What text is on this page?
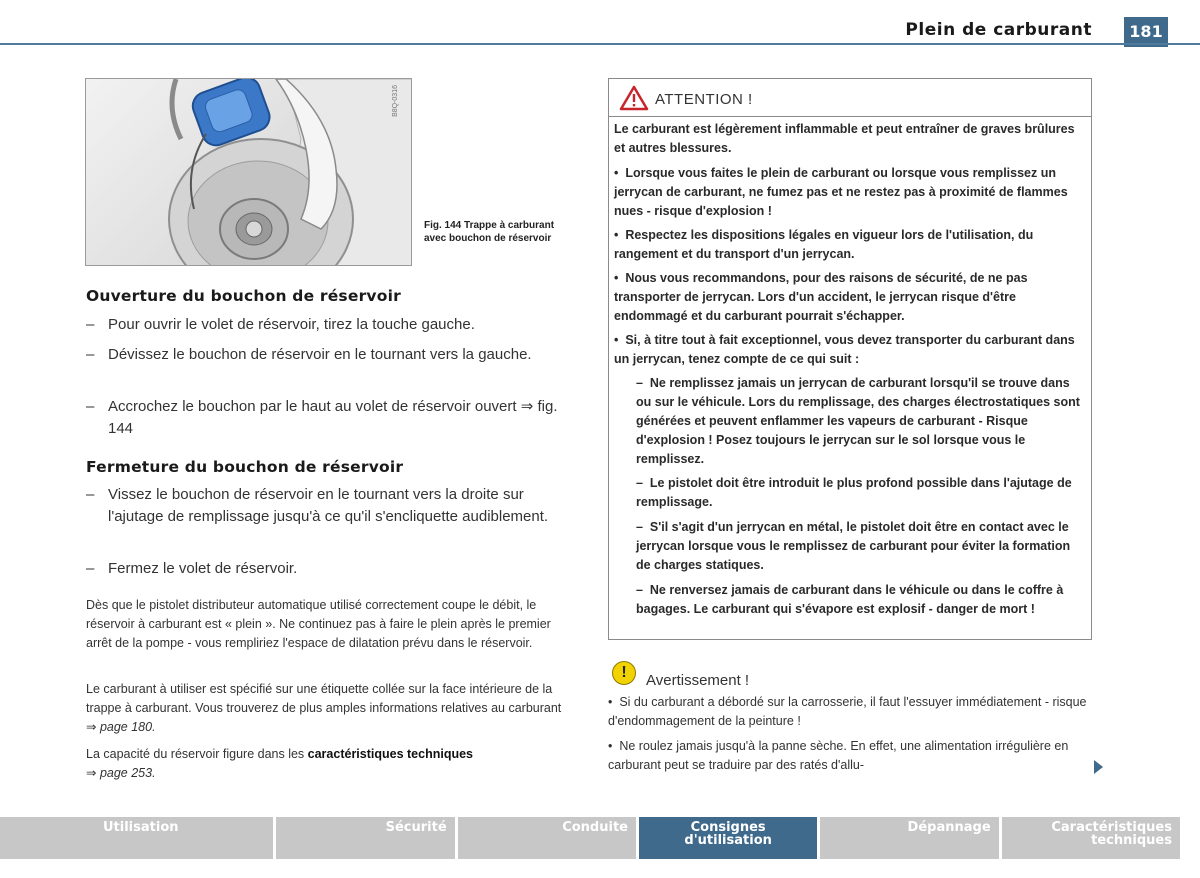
Plein de carburant	181
B8Q-0316
Fig. 144 Trappe à carburant avec bouchon de réservoir
Ouverture du bouchon de réservoir
– Pour ouvrir le volet de réservoir, tirez la touche gauche.
– Dévissez le bouchon de réservoir en le tournant vers la gauche.
– Accrochez le bouchon par le haut au volet de réservoir ouvert ⇒ fig. 144
Fermeture du bouchon de réservoir
– Vissez le bouchon de réservoir en le tournant vers la droite sur l'ajutage de remplissage jusqu'à ce qu'il s'encliquette audiblement.
– Fermez le volet de réservoir.
Dès que le pistolet distributeur automatique utilisé correctement coupe le débit, le réservoir à carburant est « plein ». Ne continuez pas à faire le plein après le premier arrêt de la pompe - vous rempliriez l'espace de dilatation prévu dans le réservoir.
Le carburant à utiliser est spécifié sur une étiquette collée sur la face intérieure de la trappe à carburant. Vous trouverez de plus amples informations relatives au carburant ⇒ page 180.
La capacité du réservoir figure dans les caractéristiques techniques
⇒ page 253.
ATTENTION !
Le carburant est légèrement inflammable et peut entraîner de graves brûlures et autres blessures.
•  Lorsque vous faites le plein de carburant ou lorsque vous remplissez un jerrycan de carburant, ne fumez pas et ne restez pas à proximité de flammes nues - risque d'explosion !
•  Respectez les dispositions légales en vigueur lors de l'utilisation, du rangement et du transport d'un jerrycan.
•  Nous vous recommandons, pour des raisons de sécurité, de ne pas transporter de jerrycan. Lors d'un accident, le jerrycan risque d'être endommagé et du carburant pourrait s'échapper.
•  Si, à titre tout à fait exceptionnel, vous devez transporter du carburant dans un jerrycan, tenez compte de ce qui suit :
–  Ne remplissez jamais un jerrycan de carburant lorsqu'il se trouve dans ou sur le véhicule. Lors du remplissage, des charges électrostatiques sont générées et peuvent enflammer les vapeurs de carburant - Risque d'explosion ! Posez toujours le jerrycan sur le sol lorsque vous le remplissez.
–  Le pistolet doit être introduit le plus profond possible dans l'ajutage de remplissage.
–  S'il s'agit d'un jerrycan en métal, le pistolet doit être en contact avec le jerrycan lorsque vous le remplissez de carburant pour éviter la formation de charges statiques.
–  Ne renversez jamais de carburant dans le véhicule ou dans le coffre à bagages. Le carburant qui s'évapore est explosif - danger de mort !
!	Avertissement !
•  Si du carburant a débordé sur la carrosserie, il faut l'essuyer immédiatement - risque d'endommagement de la peinture !
•  Ne roulez jamais jusqu'à la panne sèche. En effet, une alimentation irrégulière en carburant peut se traduire par des ratés d'allu-
Utilisation	Sécurité	Conduite	Consignes d'utilisation
Dépannage	Caractéristiques techniques
